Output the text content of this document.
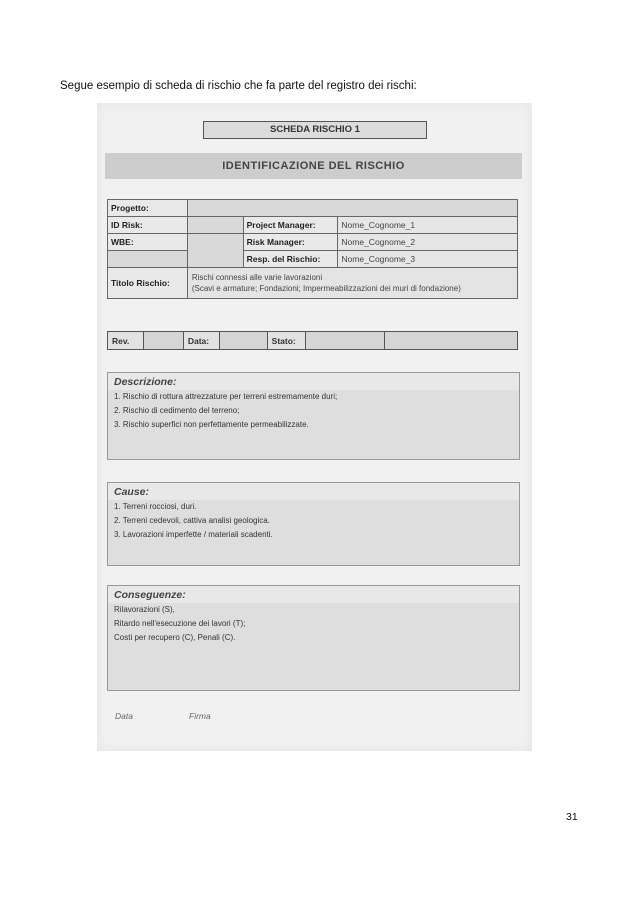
Segue esempio di scheda di rischio che fa parte del registro dei rischi:
SCHEDA RISCHIO 1
IDENTIFICAZIONE DEL RISCHIO
Progetto:			
ID Risk:		Project Manager:	Nome_Cognome_1
WBE:		Risk Manager:	Nome_Cognome_2
		Resp. del Rischio:	Nome_Cognome_3
Titolo Rischio:	Rischi connessi alle varie lavorazioni
(Scavi e armature; Fondazioni; Impermeabilizzazioni dei muri di fondazione)		
Rev.		Data:		Stato:		
Descrizione:
1. Rischio di rottura attrezzature per terreni estremamente duri;
2. Rischio di cedimento del terreno;
3. Rischio superfici non perfettamente permeabilizzate.
Cause:
1. Terreni rocciosi, duri.
2. Terreni cedevoli, cattiva analisi geologica.
3. Lavorazioni imperfette / materiali scadenti.
Conseguenze:
Rilavorazioni (S),
Ritardo nell'esecuzione dei lavori (T);
Costi per recupero (C), Penali (C).
Data	Firma
31
